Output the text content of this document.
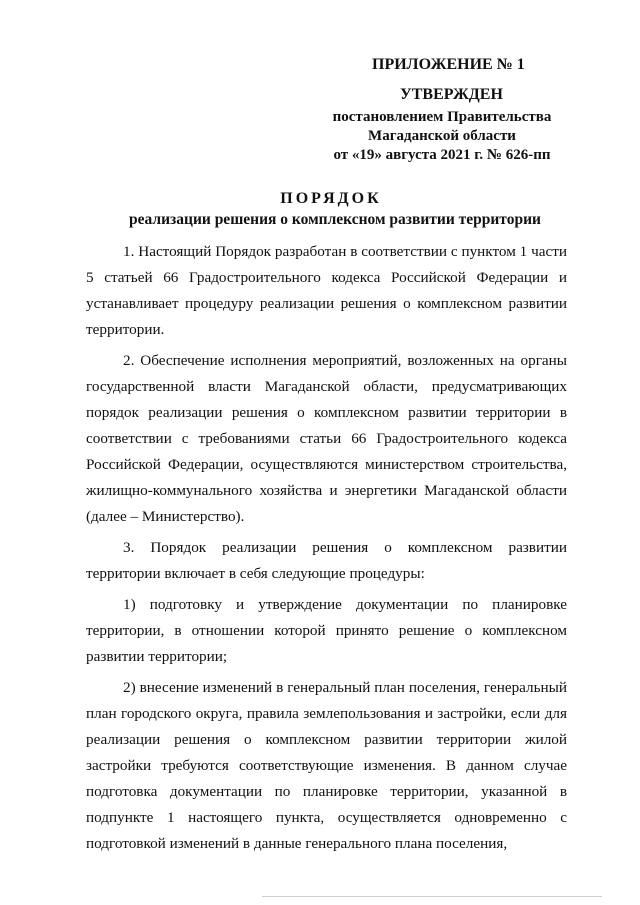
ПРИЛОЖЕНИЕ № 1
УТВЕРЖДЕН
постановлением Правительства
Магаданской области
от «19» августа 2021 г. № 626-пп
ПОРЯДОК
реализации решения о комплексном развитии территории

1. Настоящий Порядок разработан в соответствии с пунктом 1 части 5 статьей 66 Градостроительного кодекса Российской Федерации и устанавливает процедуру реализации решения о комплексном развитии территории.

2. Обеспечение исполнения мероприятий, возложенных на органы государственной власти Магаданской области, предусматривающих порядок реализации решения о комплексном развитии территории в соответствии с требованиями статьи 66 Градостроительного кодекса Российской Федерации, осуществляются министерством строительства, жилищно-коммунального хозяйства и энергетики Магаданской области (далее – Министерство).

3. Порядок реализации решения о комплексном развитии территории включает в себя следующие процедуры:

1) подготовку и утверждение документации по планировке территории, в отношении которой принято решение о комплексном развитии территории;

2) внесение изменений в генеральный план поселения, генеральный план городского округа, правила землепользования и застройки, если для реализации решения о комплексном развитии территории жилой застройки требуются соответствующие изменения. В данном случае подготовка документации по планировке территории, указанной в подпункте 1 настоящего пункта, осуществляется одновременно с подготовкой изменений в данные генерального плана поселения,
